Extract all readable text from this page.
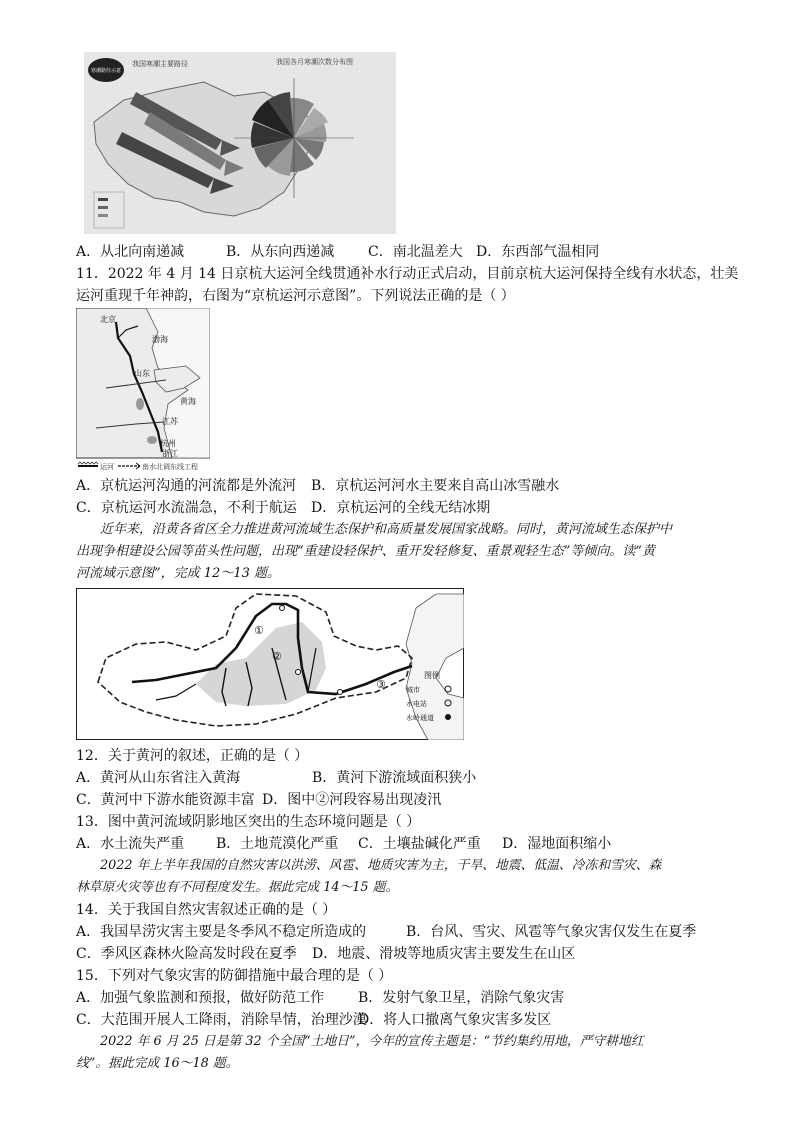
寒潮路径示意
我国寒潮主要路径	我国各月寒潮次数分布图
A．从北向南递减	B．从东向西递减 C．南北温差大 D．东西部气温相同
11．2022 年 4 月 14 日京杭大运河全线贯通补水行动正式启动，目前京杭大运河保持全线有水状态，壮美
运河重现千年神韵，右图为“京杭运河示意图”。下列说法正确的是（ ）
北京
渤海
山东
黄海
江苏
杭州
浙江
运河	南水北调东线工程
A．京杭运河沟通的河流都是外流河 B．京杭运河河水主要来自高山冰雪融水
C．京杭运河水流湍急，不利于航运 D．京杭运河的全线无结冰期
近年来，沿黄各省区全力推进黄河流域生态保护和高质量发展国家战略。同时，黄河流域生态保护中
出现争相建设公园等苗头性问题，出现“重建设轻保护、重开发轻修复、重景观轻生态”等倾向。读“黄
河流域示意图”，完成 12～13 题。
①
②
③
图例
城市
水电站
水岭通道
12．关于黄河的叙述，正确的是（ ）
A．黄河从山东省注入黄海	B．黄河下游流域面积狭小
C．黄河中下游水能资源丰富 D．图中②河段容易出现凌汛
13．图中黄河流域阴影地区突出的生态环境问题是（ ）
A．水土流失严重 B．土地荒漠化严重 C．土壤盐碱化严重 D．湿地面积缩小
2022 年上半年我国的自然灾害以洪涝、风雹、地质灾害为主，干旱、地震、低温、冷冻和雪灾、森
林草原火灾等也有不同程度发生。据此完成 14～15 题。
14．关于我国自然灾害叙述正确的是（ ）
A．我国旱涝灾害主要是冬季风不稳定所造成的	B．台风、雪灾、风雹等气象灾害仅发生在夏季
C．季风区森林火险高发时段在夏季 D．地震、滑坡等地质灾害主要发生在山区
15．下列对气象灾害的防御措施中最合理的是（ ）
A．加强气象监测和预报，做好防范工作 B．发射气象卫星，消除气象灾害
C．大范围开展人工降雨，消除旱情，治理沙漠D．将人口撤离气象灾害多发区
2022 年 6 月 25 日是第 32 个全国“土地日”，今年的宣传主题是：“节约集约用地，严守耕地红
线”。据此完成 16～18 题。
